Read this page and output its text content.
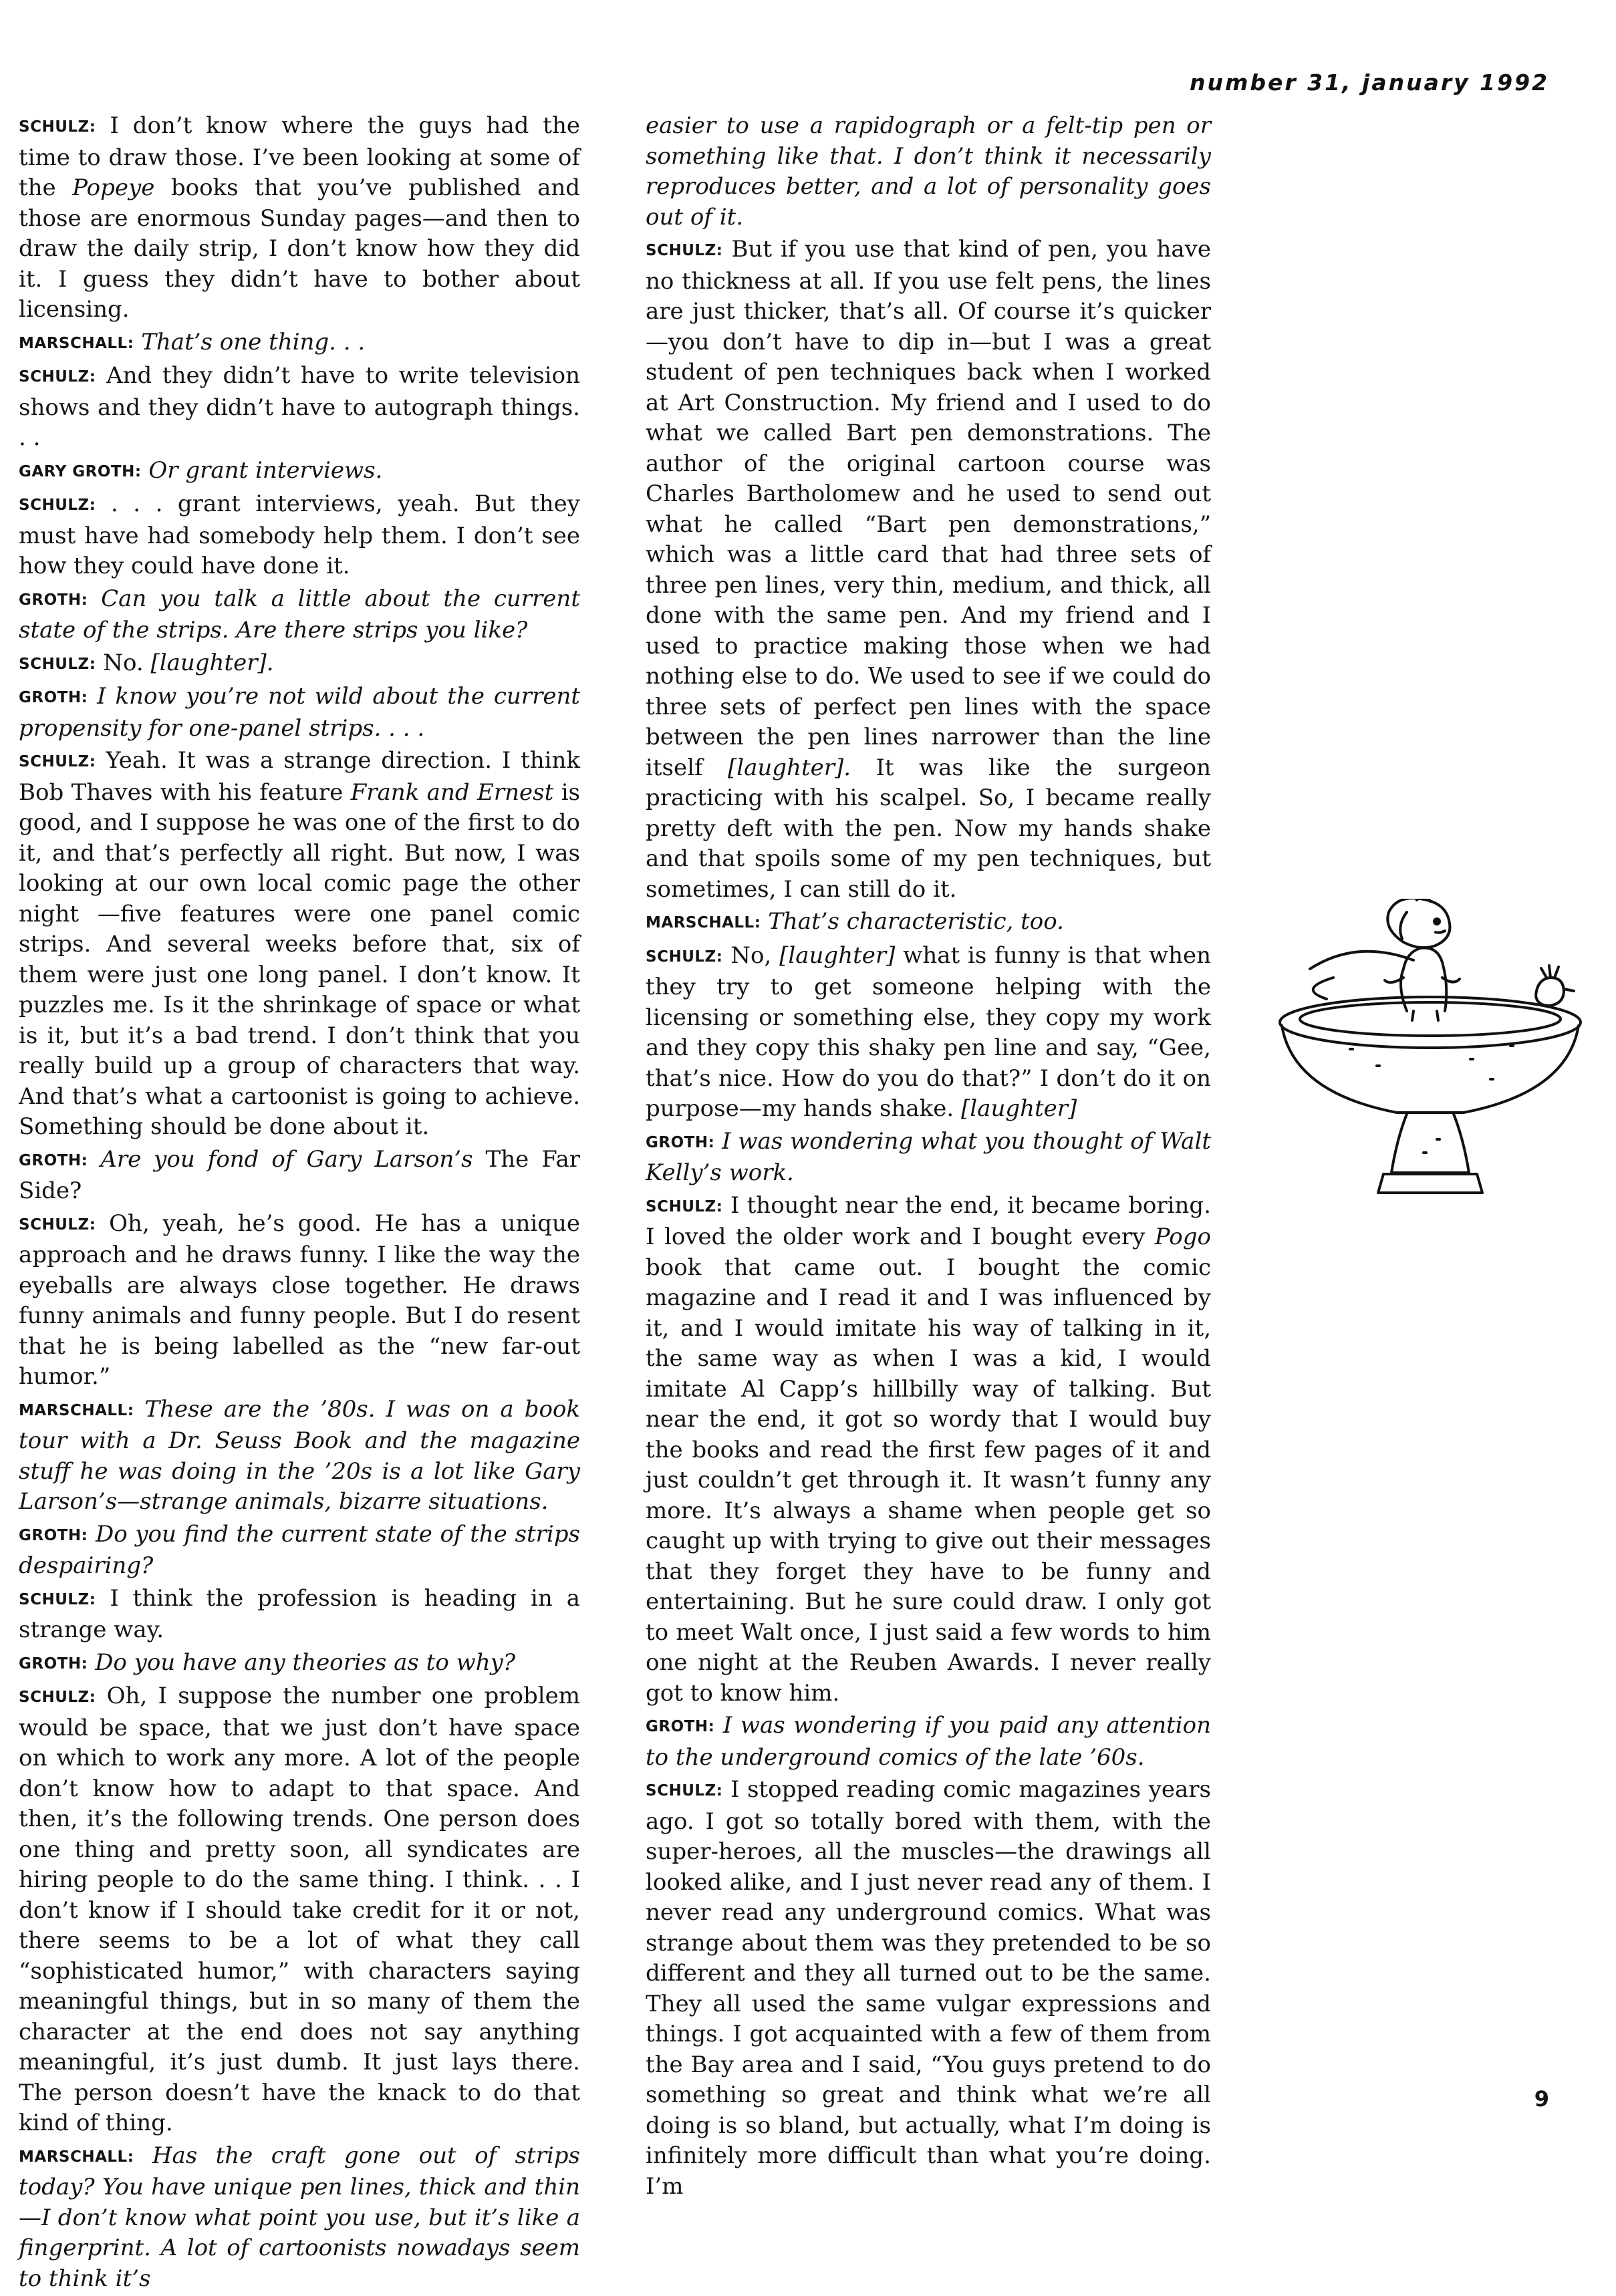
number 31, january 1992

SCHULZ: I don’t know where the guys had the time to draw those. I’ve been looking at some of the Popeye books that you’ve published and those are enormous Sunday pages—and then to draw the daily strip, I don’t know how they did it. I guess they didn’t have to bother about licensing.

MARSCHALL: That’s one thing. . .

SCHULZ: And they didn’t have to write television shows and they didn’t have to autograph things. . .

GARY GROTH: Or grant interviews.

SCHULZ: . . . grant interviews, yeah. But they must have had somebody help them. I don’t see how they could have done it.

GROTH: Can you talk a little about the current state of the strips. Are there strips you like?

SCHULZ: No. [laughter].

GROTH: I know you’re not wild about the current propensity for one-panel strips. . . .

SCHULZ: Yeah. It was a strange direction. I think Bob Thaves with his feature Frank and Ernest is good, and I suppose he was one of the first to do it, and that’s perfectly all right. But now, I was looking at our own local comic page the other night —five features were one panel comic strips. And several weeks before that, six of them were just one long panel. I don’t know. It puzzles me. Is it the shrinkage of space or what is it, but it’s a bad trend. I don’t think that you really build up a group of characters that way. And that’s what a cartoonist is going to achieve. Something should be done about it.

GROTH: Are you fond of Gary Larson’s The Far Side?

SCHULZ: Oh, yeah, he’s good. He has a unique approach and he draws funny. I like the way the eyeballs are always close together. He draws funny animals and funny people. But I do resent that he is being labelled as the “new far-out humor.”

MARSCHALL: These are the ’80s. I was on a book tour with a Dr. Seuss Book and the magazine stuff he was doing in the ’20s is a lot like Gary Larson’s—strange animals, bizarre situations.

GROTH: Do you find the current state of the strips despairing?

SCHULZ: I think the profession is heading in a strange way.

GROTH: Do you have any theories as to why?

SCHULZ: Oh, I suppose the number one problem would be space, that we just don’t have space on which to work any more. A lot of the people don’t know how to adapt to that space. And then, it’s the following trends. One person does one thing and pretty soon, all syndicates are hiring people to do the same thing. I think. . . I don’t know if I should take credit for it or not, there seems to be a lot of what they call “sophisticated humor,” with characters saying meaningful things, but in so many of them the character at the end does not say anything meaningful, it’s just dumb. It just lays there. The person doesn’t have the knack to do that kind of thing.

MARSCHALL: Has the craft gone out of strips today? You have unique pen lines, thick and thin—I don’t know what point you use, but it’s like a fingerprint. A lot of cartoonists nowadays seem to think it’s

easier to use a rapidograph or a felt-tip pen or something like that. I don’t think it necessarily reproduces better, and a lot of personality goes out of it.

SCHULZ: But if you use that kind of pen, you have no thickness at all. If you use felt pens, the lines are just thicker, that’s all. Of course it’s quicker—you don’t have to dip in—but I was a great student of pen techniques back when I worked at Art Construction. My friend and I used to do what we called Bart pen demonstrations. The author of the original cartoon course was Charles Bartholomew and he used to send out what he called “Bart pen demonstrations,” which was a little card that had three sets of three pen lines, very thin, medium, and thick, all done with the same pen. And my friend and I used to practice making those when we had nothing else to do. We used to see if we could do three sets of perfect pen lines with the space between the pen lines narrower than the line itself [laughter]. It was like the surgeon practicing with his scalpel. So, I became really pretty deft with the pen. Now my hands shake and that spoils some of my pen techniques, but sometimes, I can still do it.

MARSCHALL: That’s characteristic, too.

SCHULZ: No, [laughter] what is funny is that when they try to get someone helping with the licensing or something else, they copy my work and they copy this shaky pen line and say, “Gee, that’s nice. How do you do that?” I don’t do it on purpose—my hands shake. [laughter]

GROTH: I was wondering what you thought of Walt Kelly’s work.

SCHULZ: I thought near the end, it became boring. I loved the older work and I bought every Pogo book that came out. I bought the comic magazine and I read it and I was influenced by it, and I would imitate his way of talking in it, the same way as when I was a kid, I would imitate Al Capp’s hillbilly way of talking. But near the end, it got so wordy that I would buy the books and read the first few pages of it and just couldn’t get through it. It wasn’t funny any more. It’s always a shame when people get so caught up with trying to give out their messages that they forget they have to be funny and entertaining. But he sure could draw. I only got to meet Walt once, I just said a few words to him one night at the Reuben Awards. I never really got to know him.

GROTH: I was wondering if you paid any attention to the underground comics of the late ’60s.

SCHULZ: I stopped reading comic magazines years ago. I got so totally bored with them, with the super-heroes, all the muscles—the drawings all looked alike, and I just never read any of them. I never read any underground comics. What was strange about them was they pretended to be so different and they all turned out to be the same. They all used the same vulgar expressions and things. I got acquainted with a few of them from the Bay area and I said, “You guys pretend to do something so great and think what we’re all doing is so bland, but actually, what I’m doing is infinitely more difficult than what you’re doing. I’m

9
